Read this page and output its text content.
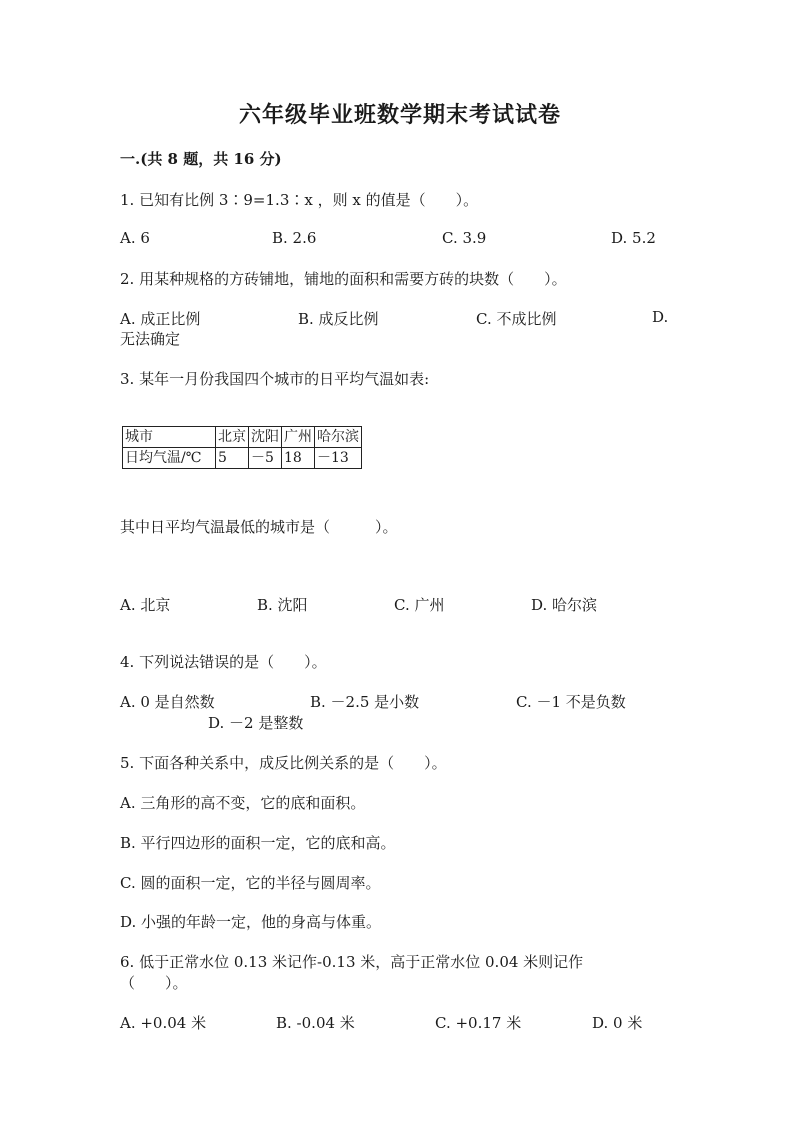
六年级毕业班数学期末考试试卷
一.(共 8 题，共 16 分)
1. 已知有比例 3∶9=1.3∶x ，则 x 的值是（　　）。
A. 6	B. 2.6	C. 3.9	D. 5.2
2. 用某种规格的方砖铺地，铺地的面积和需要方砖的块数（　　）。
A. 成正比例	B. 成反比例	C. 不成比例	D.
无法确定
3. 某年一月份我国四个城市的日平均气温如表:
城市	北京	沈阳	广州	哈尔滨
日均气温/℃	5	－5	18	－13
其中日平均气温最低的城市是（　　　）。
A. 北京	B. 沈阳	C. 广州	D. 哈尔滨
4. 下列说法错误的是（　　）。
A. 0 是自然数	B. －2.5 是小数	C. －1 不是负数
D. －2 是整数
5. 下面各种关系中，成反比例关系的是（　　）。
A. 三角形的高不变，它的底和面积。
B. 平行四边形的面积一定，它的底和高。
C. 圆的面积一定，它的半径与圆周率。
D. 小强的年龄一定，他的身高与体重。
6. 低于正常水位 0.13 米记作-0.13 米，高于正常水位 0.04 米则记作
（　　）。
A. +0.04 米	B. -0.04 米	C. +0.17 米	D. 0 米
